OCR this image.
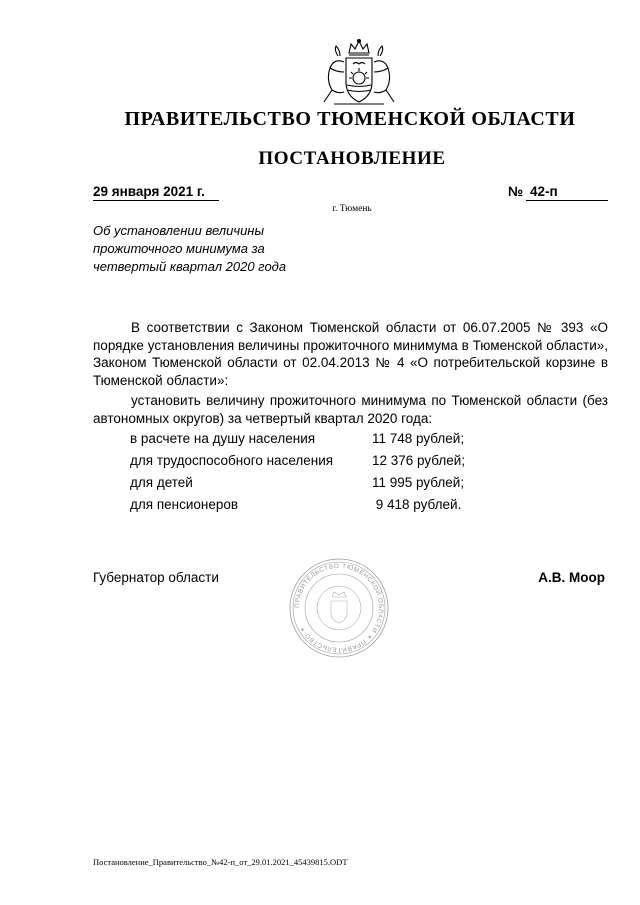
ПРАВИТЕЛЬСТВО ТЮМЕНСКОЙ ОБЛАСТИ
ПОСТАНОВЛЕНИЕ
29 января 2021 г.	№ 42-п
г. Тюмень
Об установлении величины прожиточного минимума за четвертый квартал 2020 года
В соответствии с Законом Тюменской области от 06.07.2005 № 393 «О порядке установления величины прожиточного минимума в Тюменской области», Законом Тюменской области от 02.04.2013 № 4 «О потребительской корзине в Тюменской области»:
установить величину прожиточного минимума по Тюменской области (без автономных округов) за четвертый квартал 2020 года:
в расчете на душу населения	11 748 рублей;
для трудоспособного населения	12 376 рублей;
для детей	11 995 рублей;
для пенсионеров	9 418 рублей.
Губернатор области
ПРАВИТЕЛЬСТВО ТЮМЕНСКОЙ ОБЛАСТИ ✶ ПРАВИТЕЛЬСТВО ✶
А.В. Моор
Постановление_Правительство_№42-п_от_29.01.2021_45439815.ODT
